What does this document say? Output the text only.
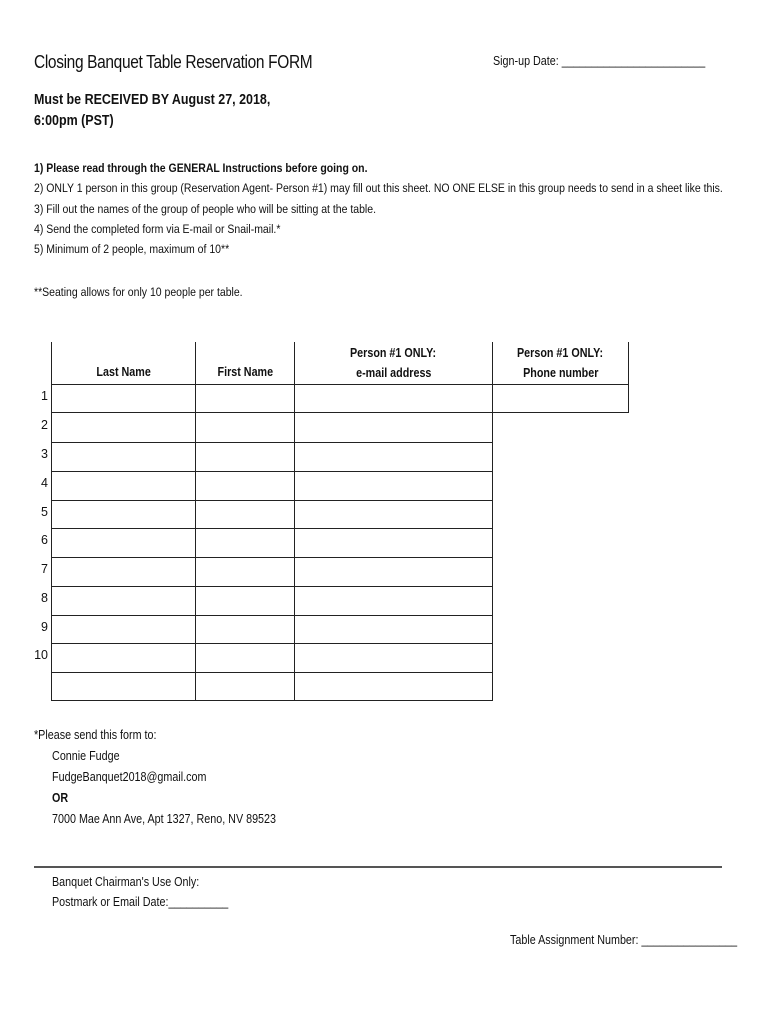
Closing Banquet Table Reservation FORM	Sign-up Date: ________________________
Must be RECEIVED BY August 27, 2018,
6:00pm (PST)
1) Please read through the GENERAL Instructions before going on.
2) ONLY 1 person in this group (Reservation Agent- Person #1) may fill out this sheet. NO ONE ELSE in this group needs to send in a sheet like this.
3) Fill out the names of the group of people who will be sitting at the table.
4) Send the completed form via E-mail or Snail-mail.*
5) Minimum of 2 people, maximum of 10**
**Seating allows for only 10 people per table.
Last Name	First Name
Person #1 ONLY:
e-mail address
Person #1 ONLY:
Phone number
1
2
3
4
5
6
7
8
9
10
*Please send this form to:
Connie Fudge
FudgeBanquet2018@gmail.com
OR
7000 Mae Ann Ave, Apt 1327, Reno, NV 89523
Banquet Chairman's Use Only:
Postmark or Email Date:__________
Table Assignment Number: ________________
